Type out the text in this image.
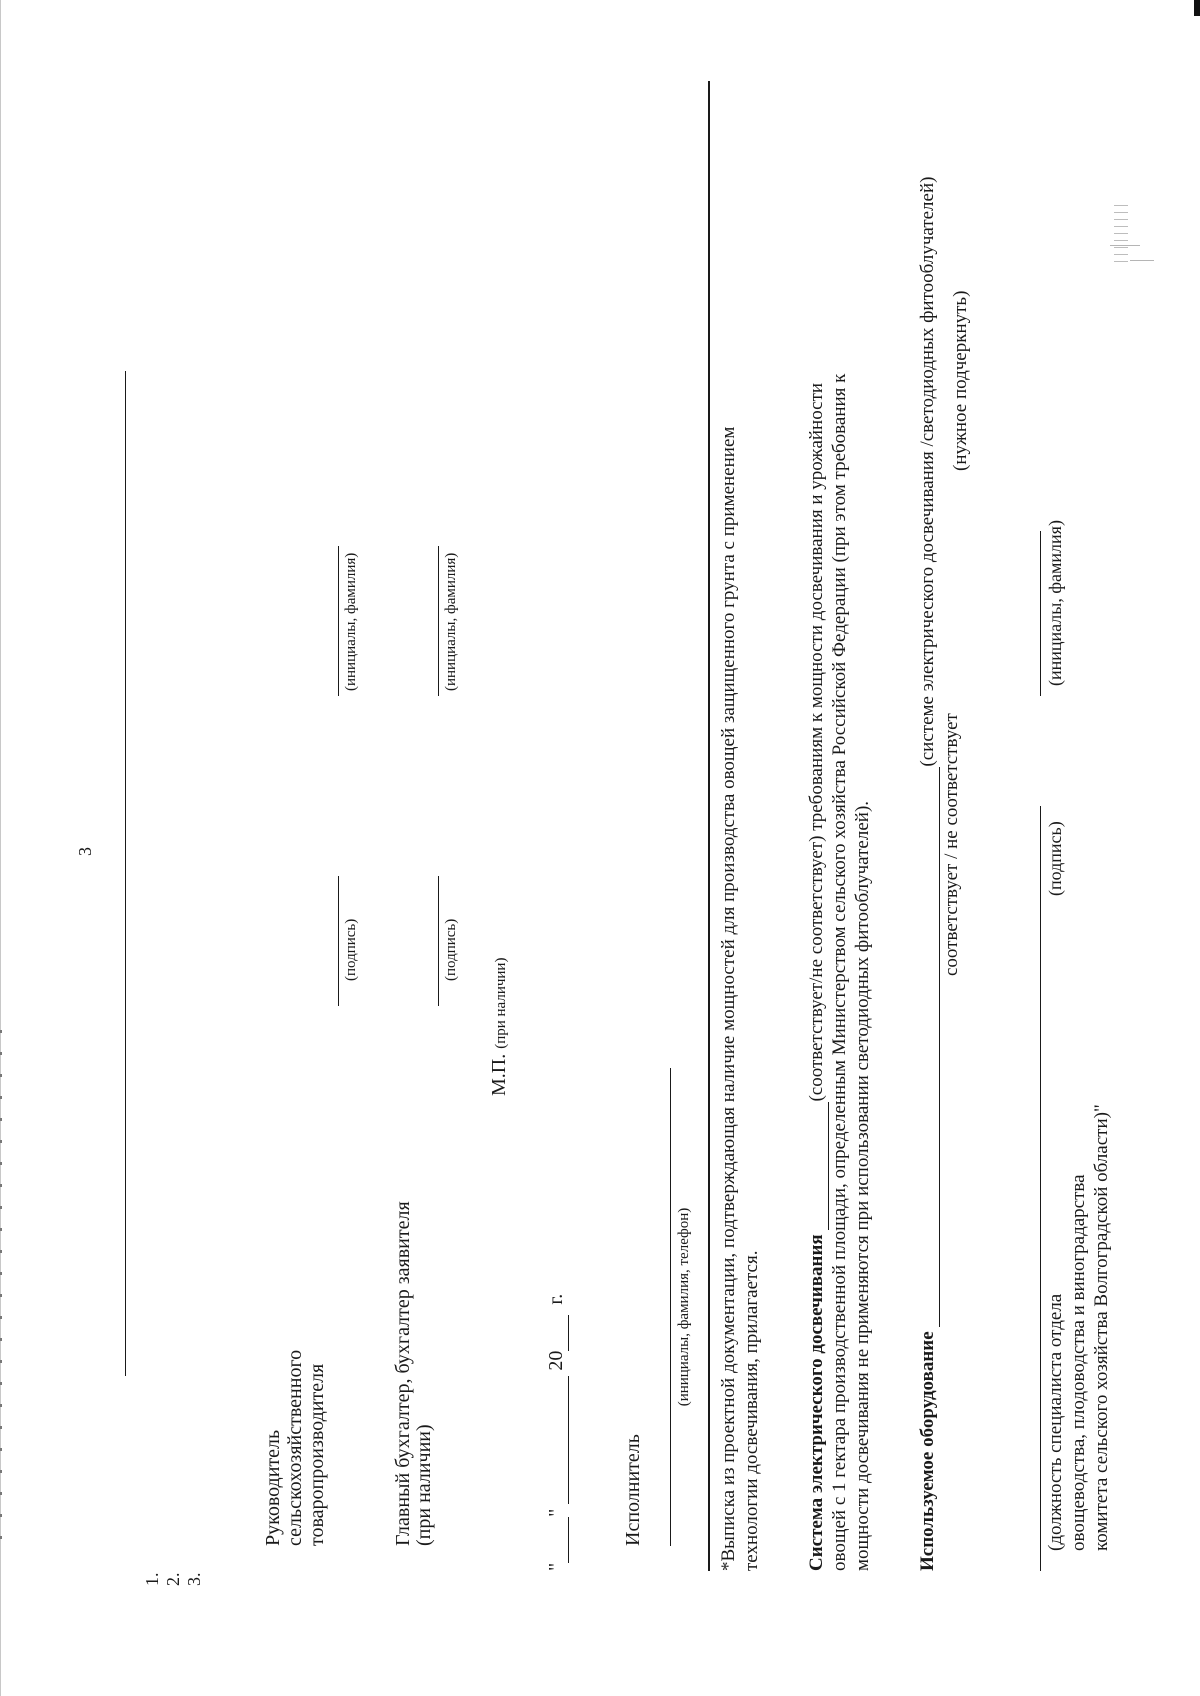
3
1. 2. 3.
Руководитель сельскохозяйственного товаропроизводителя
(подпись)
(инициалы, фамилия)
Главный бухгалтер, бухгалтер заявителя (при наличии)
(подпись)
(инициалы, фамилия)
М.П. (при наличии)
" "   20   г.
Исполнитель
(инициалы, фамилия, телефон) *Выписка из проектной документации, подтверждающая наличие мощностей для производства овощей защищенного грунта с применением технологии досвечивания, прилагается. Система электрического досвечивания  (соответствует/не соответствует) требованиям к мощности досвечивания и урожайности овощей с 1 гектара производственной площади, определенным Министерством сельского хозяйства Российской Федерации (при этом требования к мощности досвечивания не применяются при использовании светодиодных фитооблучателей). Используемое оборудование  (системе электрического досвечивания /светодиодных фитооблучателей)
соответствует / не соответствует
(нужное подчеркнуть)
(должность специалиста отдела овощеводства, плодоводства и виноградарства комитета сельского хозяйства Волгоградской области)"
(подпись)
(инициалы, фамилия)
